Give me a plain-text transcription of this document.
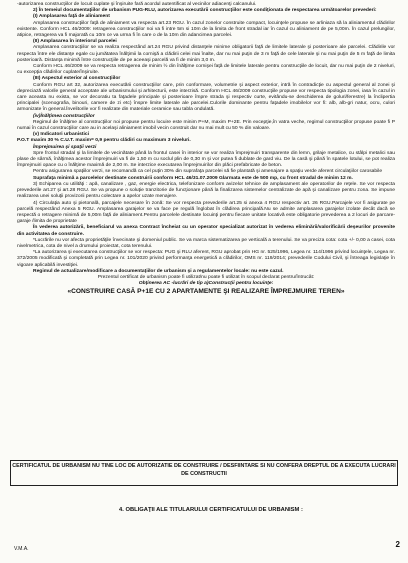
-autorizarea construcţiilor de locuit cuplate şi înşiruite fară acordul autentificat al vecinilor adiacenţi calcanului.

2) În temeiul documentaţiilor de urbanism PUG-RLU, autorizarea executării construcţiilor este condiţionata de respectarea următoarelor prevederi:

(I) Amplasarea faţă de aliniament

Amplasarea construcţiilor faţă de aliniament va respecta art.23 RGU. În cazul zonelor construite compact, locuinţele propuse se arliniaza să la aliniamentul clădirilor existente. Conform HCL 46/2009: retragerea construcţiilor noi va fi intre 5m si 10m de la limita de front stradal iar în cazul cu aliniament de pe 5,00m. În cazul prelungilor, atipice, retragerea va fi majorată cu 10m ce va urma fi în care o de la 10m din adancimea parcelei.

(II) Amplasarea în interiorul parcelei

Amplasarea construcţiilor se va realiza respectând art.24 RGU privind distanţele minime obligatorii faţă de limitele laterale şi posterioare ale parcelei. Clădirile vor respecta între ele distanţe egale cu jumătatea înălţimii la cornişă a clădirii celei mai înalte, dar nu mai puţin de 3 m faţă de cele laterale şi nu mai puţin de 5 m faţă de limita posterioară. Distanţa minimă între construcţiile de pe aceeaşi parcelă va fi de minim 3,0 m.

Conform HCL 46/2009 se va respecta retragerea de minim ½ din înălţime cornişei faţă de limitele laterale pentru construcţiile de locuit, dar nu mai puţin de 2 niveluri, cu excepţia clădirilor cuplate/înşiruite.

(III) Aspectul exterior al construcţiilor

Conform RGU art 32, autorizarea executării construcţiilor care, prin conformare, volumetrie şi aspect exterior, intră în contradicţie cu aspectul general al zonei şi depreciază valorile general acceptate ale urbanismului şi arhitecturii, este interzisă. Conform HCL 46/2009 construcţiile propuse vor respecta tipologia zonei, iasa în cazul in care aceasta nu exista, se vor decoratiu ta faţadele principale şi posterioare împre strada şi respectiv curte, evitându-se deschiderea de goluri/ferestre) la înclipertia principalei (scenografia, binouri, camere de zi etc) înspre limite laterale ale parcelei.Culorile dominante pentru faţadele imobilelor vor fi: alb, alb-gri natur, ocru, culori armonizate în general.Învelitorile vor fi realizate din materiale ceramice sau tabla ondulată.

(iv)Înălţimea construcţiilor

Regimul de înălţime al construcţiilor noi propuse pentru locuire este minim P+M, maxim P+2E. Prin excepţie,în vatra veche, regimul construcţiilor propuse poate fi P numai în cazul construcţiilor care au in acelaşi aliniament imobil vecin construit dar nu mai mult cu 50 % din valoare.

(v) Indicatori urbanistici

P.O.T maxim 30 % C.U.T. maxim= 0,9 pentru clădiri cu maximum 3 niveluri.

Împrejmuirea şi spaţii verzi

Spre frontul stradal şi la limitele de vecinătate până la frontul casei în interior se vor realiza împrejmuiri transparente din lemn, grilaje metalice, cu stâlpi metalici sau plase de sârmă, înălţimea acestor împrejmuiri va fi de 1,50 m cu soclul plin de 0,30 m şi vor putea fi dublate de gard viu. De la casă şi până în spatele lotului, se pot realiza împrejmuiri opace cu o înălţime maximă de 2,00 m. Se interzice executarea împrejmuirilor din plăci prefabricate de beton.

Pentru asigurarea spaţiilor verzi, se recomandă ca cel puţin 30% din suprafaţa parcelei să fie plantată şi amenajare a spaţiu verde aferent circulaţiilor carosabile

Suprafaţa minimă a parcelelor destinate construirii conform HCL 46/31.07.2009 Glarmata este de 500 mp, cu front stradal de minim 12 m.

3) Echiparea cu utilităţi : apă, canalizare , gaz, energie electrica, telefonizare conform avizelor tehnice de amplasament ale operatorilor de reţele. Se vor respecta prevederile art.27 şi art.28 RGU. Se va propune o soluţie tranzitorie de funcţionare până la finalizarea sistemelor centralizate de apă şi canalizare pentru zona. Se impune realizarea unei soluţii provizorii pentru colectare a apelor uzate menajere.

4) Circulaţia auto şi pietonală, parcajele necesare în zonă: Se vor respecta prevederile art.25 si anexa 4 RGU respectiv art. 26 RGU.Parcajele vor fi asigurate pe parcelă respectând Anexa 5 RGU. Amplasarea garajelor se va face pe regulă înglobat în clădirea principală.Nu se admite amplasarea garajelor izolate decât dacă se respectă o retragere minimă de 5,00m faţă de aliniament.Pentru parcelele destinate locuinţi pentru fiecare unitate locativă este obligatorie prevederea a 2 locuri de parcare-garaje /limita de proprietate

În vederea autorizării, beneficiarul va anexa Contract încheiat cu un operator specializat autorizat în vederea eliminării/valorificării deşeurilor provenite din activitatea de construire.

*Lucrările nu vor afecta proprietăţile învecinate şi domeniul public. Se va marca sistematizarea pe verticală a terenului. Se va preciza cota: cota +/- 0,00 a casei, cota nivelmetrica, cota de nivel a drumului proiectat, cota terenului.

*La autorizarea şi executarea construcţiilor se vor respecta: PUG şi RLU aferent, RGU aprobat prin HG nr. 525/1996, Legea nr. 114/1996 privind locuinţele, Legea nr. 372/2005 modificată şi completată prin Legea nr. 101/2020 privind performanţa energetică a clădirilor, OMS nr. 119/2014; prevederile Codului Civil, şi întreaga legislaţie în vigoare aplicabilă investiţiei.

Regimul de actualizare/modificare a documentaţiilor de urbanism şi a regulamentelor locale: nu este cazul.

Prezentul certificat de urbanism poate fi utilizat/nu poate fi utilizat în scopul declarat pentru/întrucât:

Obţinerea AC -lucrări de tip a)Construcţii pentru locuinţe:

«CONSTRUIRE CASĂ P+1E CU 2 APARTAMENTE ŞI REALIZARE ÎMPREJMUIRE TEREN»

CERTIFICATUL DE URBANISM NU TINE LOC DE AUTORIZATIE DE CONSTRUIRE / DESFIINTARE SI NU CONFERA DREPTUL DE A EXECUTA LUCRARI DE CONSTRUCTII
4. OBLIGAŢII ALE TITULARULUI CERTIFICATULUI DE URBANISM :
V.M.A.	2
